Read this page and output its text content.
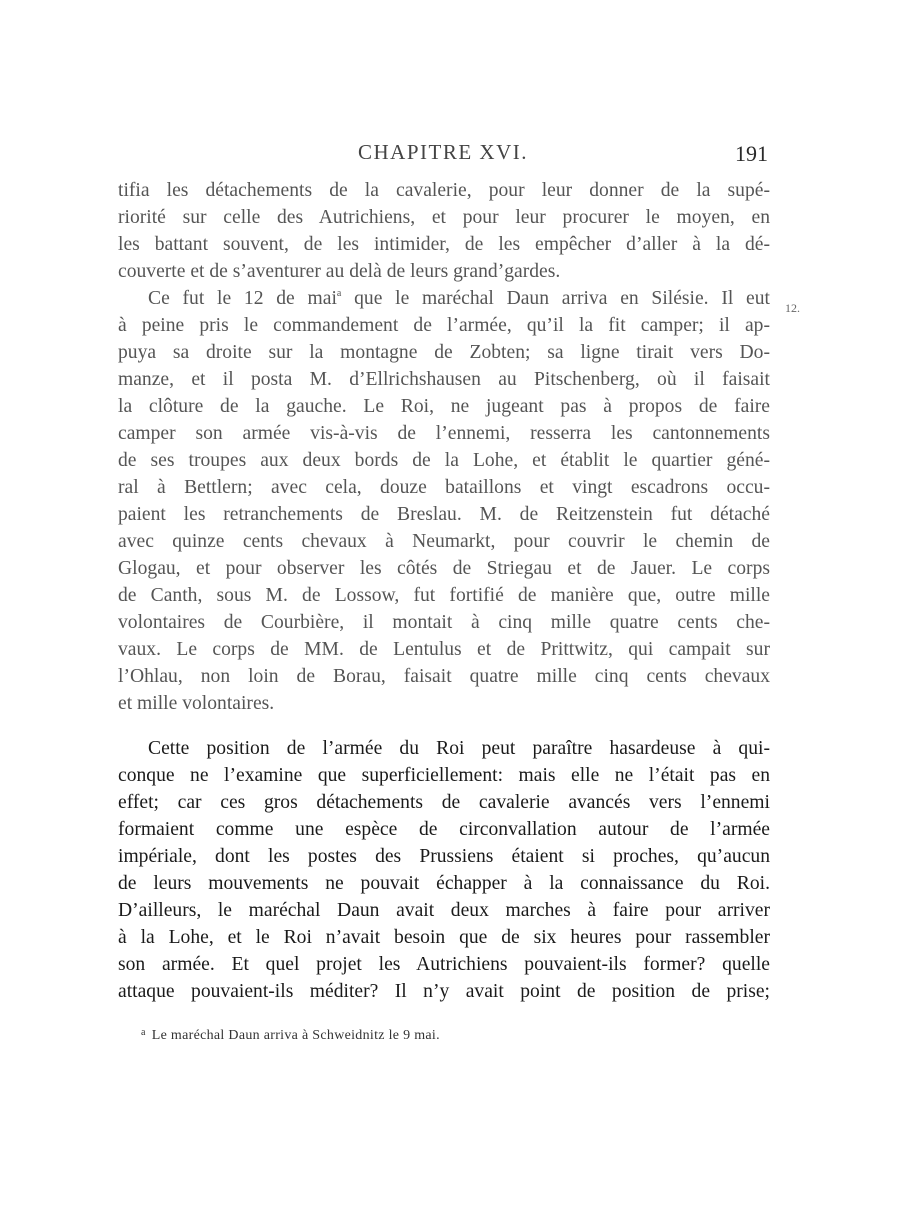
CHAPITRE XVI.	191
tifia les détachements de la cavalerie, pour leur donner de la supé-
riorité sur celle des Autrichiens, et pour leur procurer le moyen, en
les battant souvent, de les intimider, de les empêcher d’aller à la dé-
couverte et de s’aventurer au delà de leurs grand’gardes.
12.
Ce fut le 12 de mai$^a$ que le maréchal Daun arriva en Silésie. Il eut
à peine pris le commandement de l’armée, qu’il la fit camper; il ap-
puya sa droite sur la montagne de Zobten; sa ligne tirait vers Do-
manze, et il posta M. d’Ellrichshausen au Pitschenberg, où il faisait
la clôture de la gauche. Le Roi, ne jugeant pas à propos de faire
camper son armée vis-à-vis de l’ennemi, resserra les cantonnements
de ses troupes aux deux bords de la Lohe, et établit le quartier géné-
ral à Bettlern; avec cela, douze bataillons et vingt escadrons occu-
paient les retranchements de Breslau. M. de Reitzenstein fut détaché
avec quinze cents chevaux à Neumarkt, pour couvrir le chemin de
Glogau, et pour observer les côtés de Striegau et de Jauer. Le corps
de Canth, sous M. de Lossow, fut fortifié de manière que, outre mille
volontaires de Courbière, il montait à cinq mille quatre cents che-
vaux. Le corps de MM. de Lentulus et de Prittwitz, qui campait sur
l’Ohlau, non loin de Borau, faisait quatre mille cinq cents chevaux
et mille volontaires.
Cette position de l’armée du Roi peut paraître hasardeuse à qui-
conque ne l’examine que superficiellement: mais elle ne l’était pas en
effet; car ces gros détachements de cavalerie avancés vers l’ennemi
formaient comme une espèce de circonvallation autour de l’armée
impériale, dont les postes des Prussiens étaient si proches, qu’aucun
de leurs mouvements ne pouvait échapper à la connaissance du Roi.
D’ailleurs, le maréchal Daun avait deux marches à faire pour arriver
à la Lohe, et le Roi n’avait besoin que de six heures pour rassembler
son armée. Et quel projet les Autrichiens pouvaient-ils former? quelle
attaque pouvaient-ils méditer? Il n’y avait point de position de prise;
$^a$ Le maréchal Daun arriva à Schweidnitz le 9 mai.
